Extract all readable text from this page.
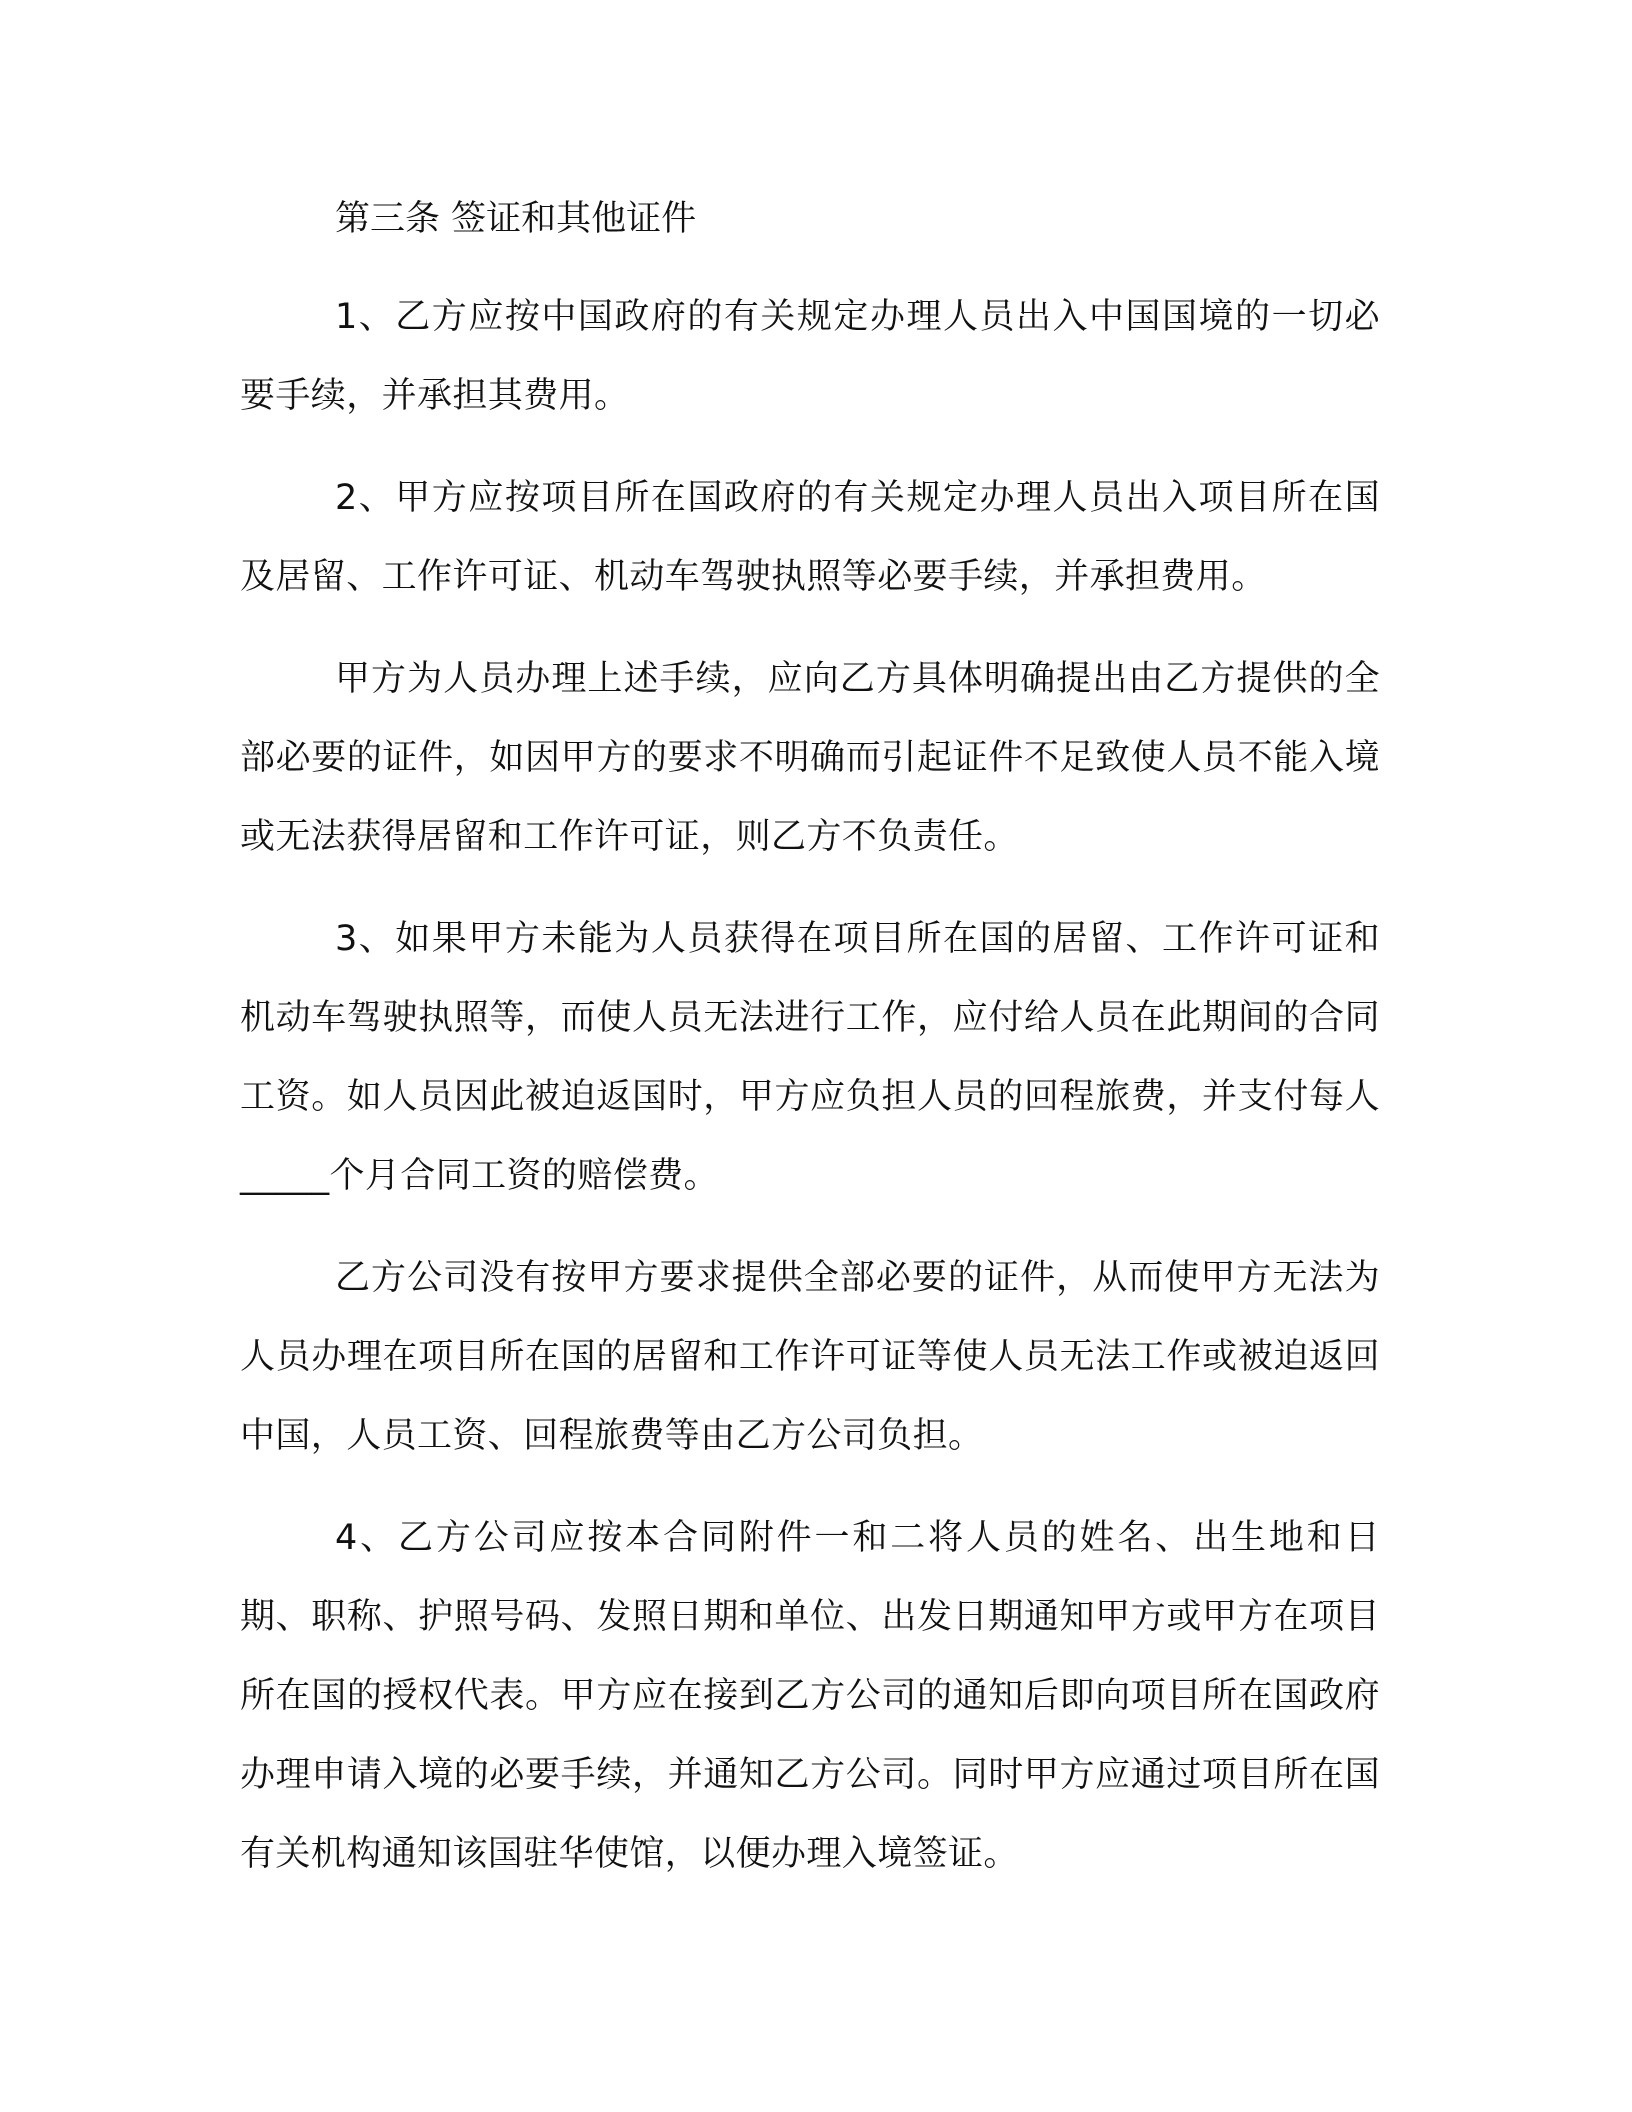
第三条 签证和其他证件

1、乙方应按中国政府的有关规定办理人员出入中国国境的一切必要手续，并承担其费用。

2、甲方应按项目所在国政府的有关规定办理人员出入项目所在国及居留、工作许可证、机动车驾驶执照等必要手续，并承担费用。

甲方为人员办理上述手续，应向乙方具体明确提出由乙方提供的全部必要的证件，如因甲方的要求不明确而引起证件不足致使人员不能入境或无法获得居留和工作许可证，则乙方不负责任。

3、如果甲方未能为人员获得在项目所在国的居留、工作许可证和机动车驾驶执照等，而使人员无法进行工作，应付给人员在此期间的合同工资。如人员因此被迫返国时，甲方应负担人员的回程旅费，并支付每人_____个月合同工资的赔偿费。

乙方公司没有按甲方要求提供全部必要的证件，从而使甲方无法为人员办理在项目所在国的居留和工作许可证等使人员无法工作或被迫返回中国，人员工资、回程旅费等由乙方公司负担。

4、乙方公司应按本合同附件一和二将人员的姓名、出生地和日期、职称、护照号码、发照日期和单位、出发日期通知甲方或甲方在项目所在国的授权代表。甲方应在接到乙方公司的通知后即向项目所在国政府办理申请入境的必要手续，并通知乙方公司。同时甲方应通过项目所在国有关机构通知该国驻华使馆，以便办理入境签证。
